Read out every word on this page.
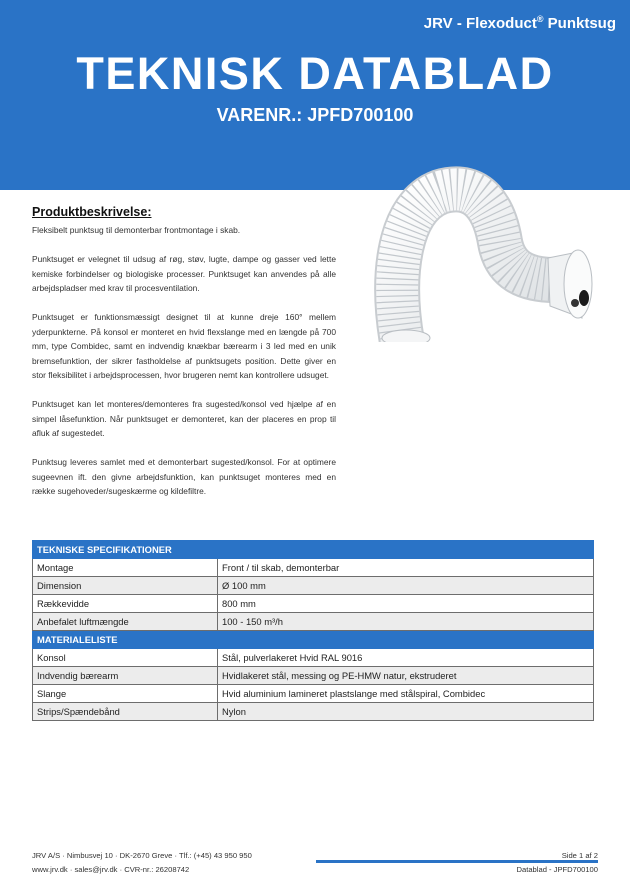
JRV - Flexoduct® Punktsug
TEKNISK DATABLAD
VARENR.: JPFD700100
Produktbeskrivelse:

Fleksibelt punktsug til demonterbar frontmontage i skab.

Punktsuget er velegnet til udsug af røg, støv, lugte, dampe og gasser ved lette kemiske forbindelser og biologiske processer. Punktsuget kan anvendes på alle arbejdspladser med krav til procesventilation.

Punktsuget er funktionsmæssigt designet til at kunne dreje 160° mellem yderpunkterne. På konsol er monteret en hvid flexslange med en længde på 700 mm, type Combidec, samt en indvendig knækbar bærearm i 3 led med en unik bremsefunktion, der sikrer fastholdelse af punktsugets position. Dette giver en stor fleksibilitet i arbejdsprocessen, hvor brugeren nemt kan kontrollere udsuget.

Punktsuget kan let monteres/demonteres fra sugested/konsol ved hjælpe af en simpel låsefunktion. Når punktsuget er demonteret, kan der placeres en prop til afluk af sugestedet.

Punktsug leveres samlet med et demonterbart sugested/konsol. For at optimere sugeevnen ift. den givne arbejdsfunktion, kan punktsuget monteres med en række sugehoveder/sugeskærme og kildefiltre.

TEKNISKE SPECIFIKATIONER	
Montage	Front / til skab, demonterbar
Dimension	Ø 100 mm
Rækkevidde	800 mm
Anbefalet luftmængde	100 - 150 m³/h
MATERIALELISTE	
Konsol	Stål, pulverlakeret Hvid RAL 9016
Indvendig bærearm	Hvidlakeret stål, messing og PE-HMW natur, ekstruderet
Slange	Hvid aluminium lamineret plastslange med stålspiral, Combidec
Strips/Spændebånd	Nylon
JRV A/S · Nimbusvej 10 · DK-2670 Greve · Tlf.: (+45) 43 950 950
www.jrv.dk · sales@jrv.dk · CVR-nr.: 26208742
Side 1 af 2
Datablad - JPFD700100
